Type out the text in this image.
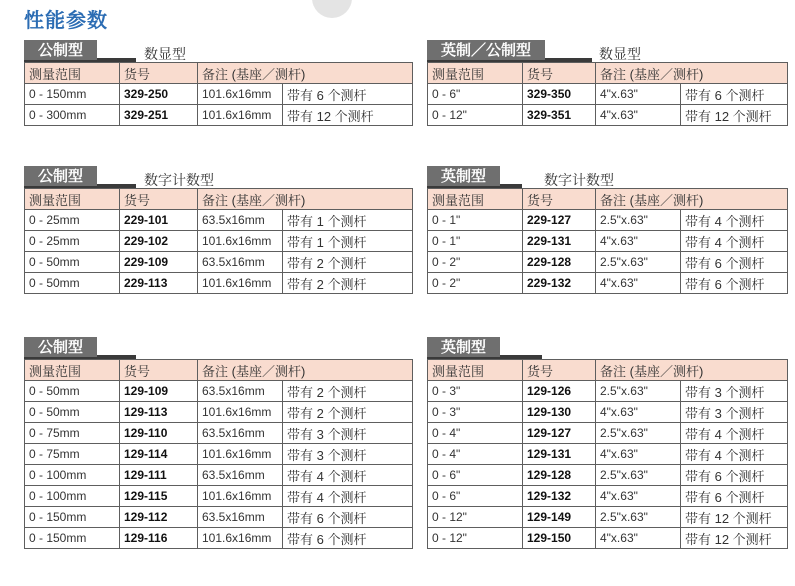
性能参数
公制型	数显型
测量范围	货号	备注 (基座／测杆)	
0 - 150mm	329-250	101.6x16mm	带有 6 个测杆
0 - 300mm	329-251	101.6x16mm	带有 12 个测杆
英制／公制型	数显型
测量范围	货号	备注 (基座／测杆)	
0 - 6"	329-350	4"x.63"	带有 6 个测杆
0 - 12"	329-351	4"x.63"	带有 12 个测杆
公制型	数字计数型
测量范围	货号	备注 (基座／测杆)	
0 - 25mm	229-101	63.5x16mm	带有 1 个测杆
0 - 25mm	229-102	101.6x16mm	带有 1 个测杆
0 - 50mm	229-109	63.5x16mm	带有 2 个测杆
0 - 50mm	229-113	101.6x16mm	带有 2 个测杆
英制型	数字计数型
测量范围	货号	备注 (基座／测杆)	
0 - 1"	229-127	2.5"x.63"	带有 4 个测杆
0 - 1"	229-131	4"x.63"	带有 4 个测杆
0 - 2"	229-128	2.5"x.63"	带有 6 个测杆
0 - 2"	229-132	4"x.63"	带有 6 个测杆
公制型
测量范围	货号	备注 (基座／测杆)	
0 - 50mm	129-109	63.5x16mm	带有 2 个测杆
0 - 50mm	129-113	101.6x16mm	带有 2 个测杆
0 - 75mm	129-110	63.5x16mm	带有 3 个测杆
0 - 75mm	129-114	101.6x16mm	带有 3 个测杆
0 - 100mm	129-111	63.5x16mm	带有 4 个测杆
0 - 100mm	129-115	101.6x16mm	带有 4 个测杆
0 - 150mm	129-112	63.5x16mm	带有 6 个测杆
0 - 150mm	129-116	101.6x16mm	带有 6 个测杆
英制型
测量范围	货号	备注 (基座／测杆)	
0 - 3"	129-126	2.5"x.63"	带有 3 个测杆
0 - 3"	129-130	4"x.63"	带有 3 个测杆
0 - 4"	129-127	2.5"x.63"	带有 4 个测杆
0 - 4"	129-131	4"x.63"	带有 4 个测杆
0 - 6"	129-128	2.5"x.63"	带有 6 个测杆
0 - 6"	129-132	4"x.63"	带有 6 个测杆
0 - 12"	129-149	2.5"x.63"	带有 12 个测杆
0 - 12"	129-150	4"x.63"	带有 12 个测杆
